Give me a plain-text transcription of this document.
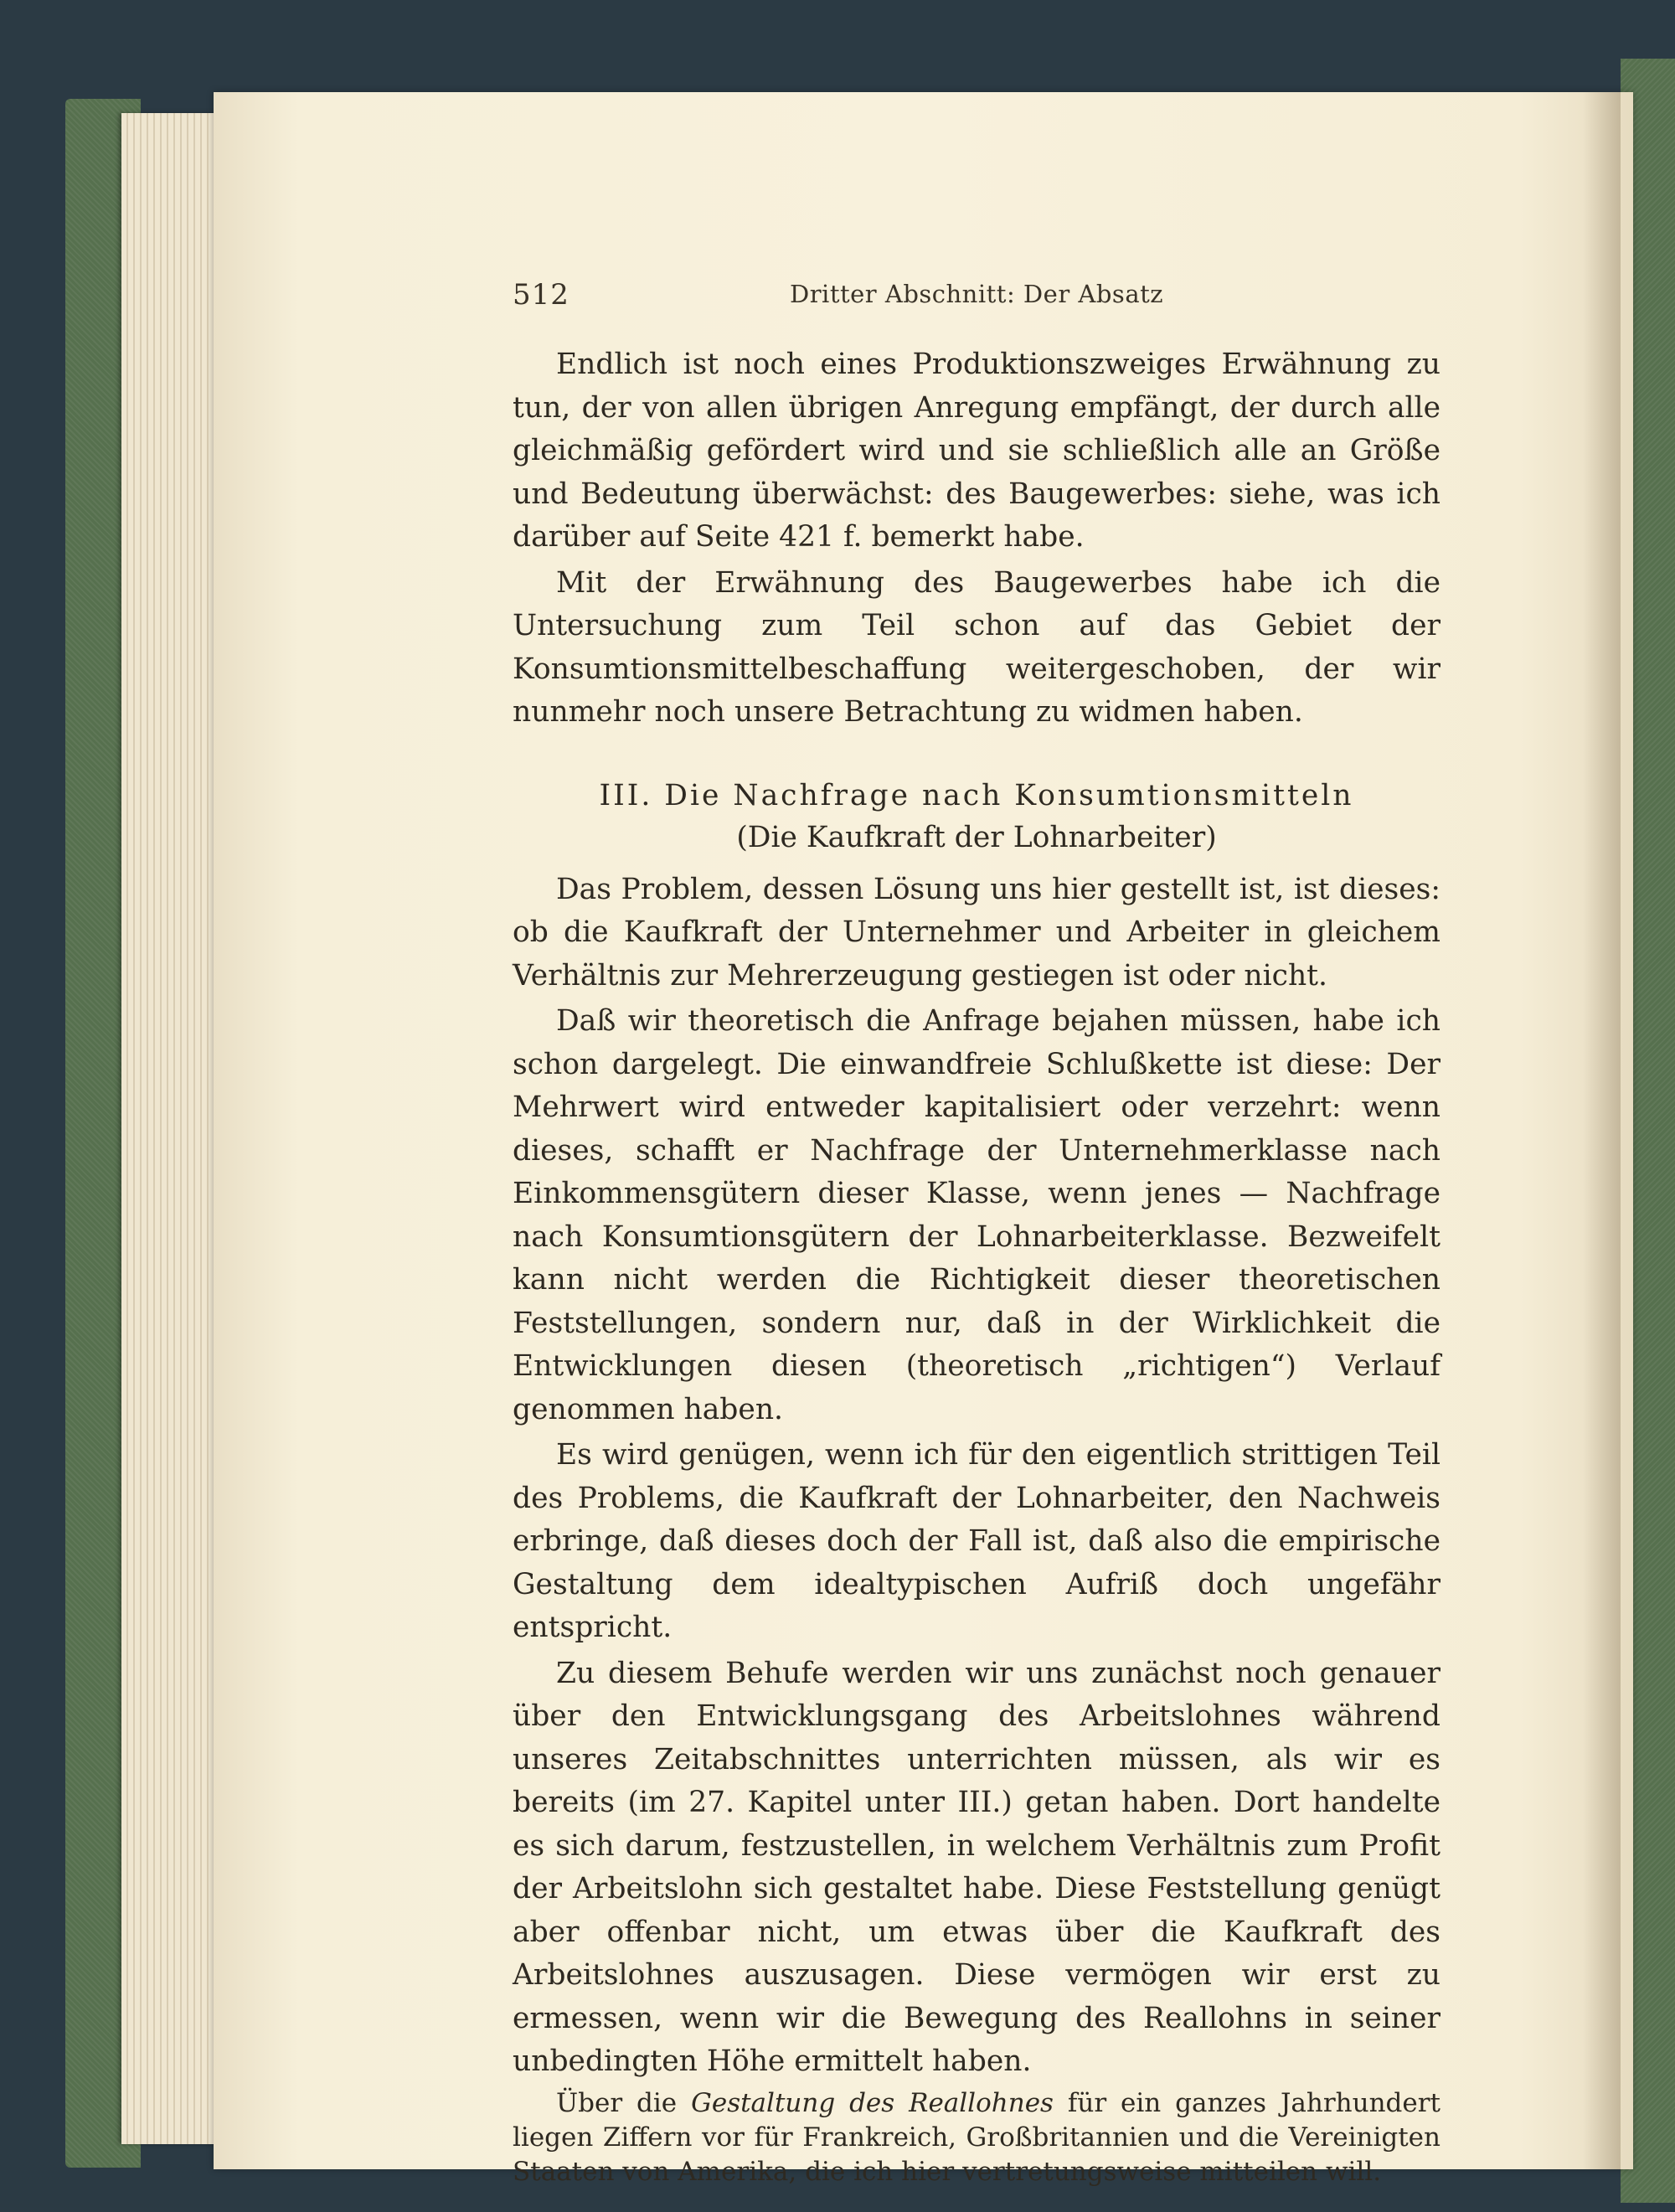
512	Dritter Abschnitt: Der Absatz

Endlich ist noch eines Produktionszweiges Erwähnung zu tun, der von allen übrigen Anregung empfängt, der durch alle gleichmäßig gefördert wird und sie schließlich alle an Größe und Bedeutung überwächst: des Baugewerbes: siehe, was ich darüber auf Seite 421 f. bemerkt habe.

Mit der Erwähnung des Baugewerbes habe ich die Untersuchung zum Teil schon auf das Gebiet der Konsumtionsmittelbeschaffung weitergeschoben, der wir nunmehr noch unsere Betrachtung zu widmen haben.

III. Die Nachfrage nach Konsumtionsmitteln
(Die Kaufkraft der Lohnarbeiter)

Das Problem, dessen Lösung uns hier gestellt ist, ist dieses: ob die Kaufkraft der Unternehmer und Arbeiter in gleichem Verhältnis zur Mehrerzeugung gestiegen ist oder nicht.

Daß wir theoretisch die Anfrage bejahen müssen, habe ich schon dargelegt. Die einwandfreie Schlußkette ist diese: Der Mehrwert wird entweder kapitalisiert oder verzehrt: wenn dieses, schafft er Nachfrage der Unternehmerklasse nach Einkommensgütern dieser Klasse, wenn jenes — Nachfrage nach Konsumtionsgütern der Lohnarbeiterklasse. Bezweifelt kann nicht werden die Richtigkeit dieser theoretischen Feststellungen, sondern nur, daß in der Wirklichkeit die Entwicklungen diesen (theoretisch „richtigen“) Verlauf genommen haben.

Es wird genügen, wenn ich für den eigentlich strittigen Teil des Problems, die Kaufkraft der Lohnarbeiter, den Nachweis erbringe, daß dieses doch der Fall ist, daß also die empirische Gestaltung dem idealtypischen Aufriß doch ungefähr entspricht.

Zu diesem Behufe werden wir uns zunächst noch genauer über den Entwicklungsgang des Arbeitslohnes während unseres Zeitabschnittes unterrichten müssen, als wir es bereits (im 27. Kapitel unter III.) getan haben. Dort handelte es sich darum, festzustellen, in welchem Verhältnis zum Profit der Arbeitslohn sich gestaltet habe. Diese Feststellung genügt aber offenbar nicht, um etwas über die Kaufkraft des Arbeitslohnes auszusagen. Diese vermögen wir erst zu ermessen, wenn wir die Bewegung des Reallohns in seiner unbedingten Höhe ermittelt haben.

Über die Gestaltung des Reallohnes für ein ganzes Jahrhundert liegen Ziffern vor für Frankreich, Großbritannien und die Vereinigten Staaten von Amerika, die ich hier vertretungsweise mitteilen will.
